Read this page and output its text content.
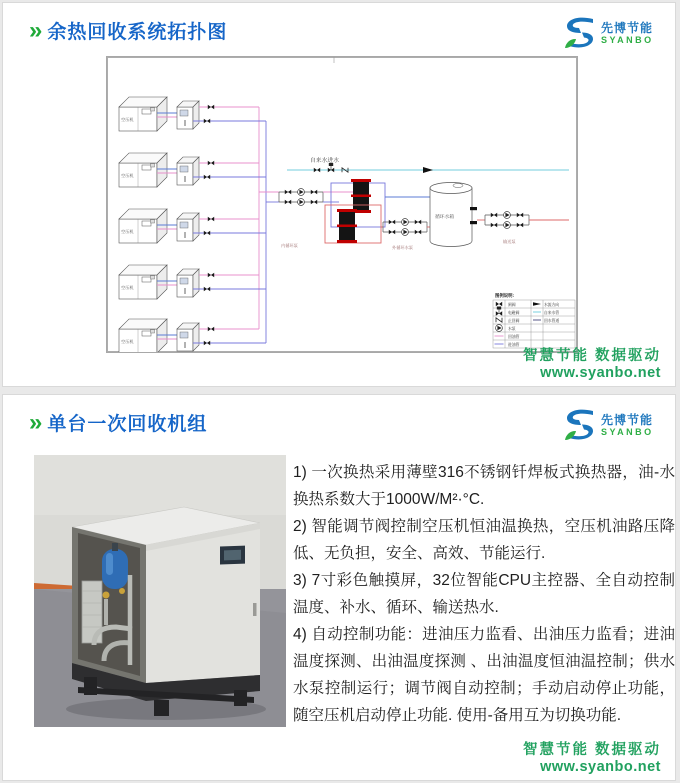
» 余热回收系统拓扑图	先博节能
SYANBO
空压机
空压机
空压机
空压机
空压机
自来水进水
内循环泵	外循环水泵
循环水箱
输送泵
图例说明:
闸阀
电磁阀
止回阀
水泵
回油管
进油管
水流方向
自来水管
回水管道
智慧节能 数据驱动
www.syanbo.net
» 单台一次回收机组	先博节能
SYANBO

1) 一次换热采用薄壁316不锈钢钎焊板式换热器，油-水换热系数大于1000W/M²·°C.

2) 智能调节阀控制空压机恒油温换热，空压机油路压降低、无负担，安全、高效、节能运行.

3) 7寸彩色触摸屏，32位智能CPU主控器、全自动控制温度、补水、循环、输送热水.

4) 自动控制功能：进油压力监看、出油压力监看；进油温度探测、出油温度探测 、出油温度恒油温控制；供水水泵控制运行；调节阀自动控制；手动启动停止功能，随空压机启动停止功能. 使用-备用互为切换功能.

智慧节能 数据驱动
www.syanbo.net
